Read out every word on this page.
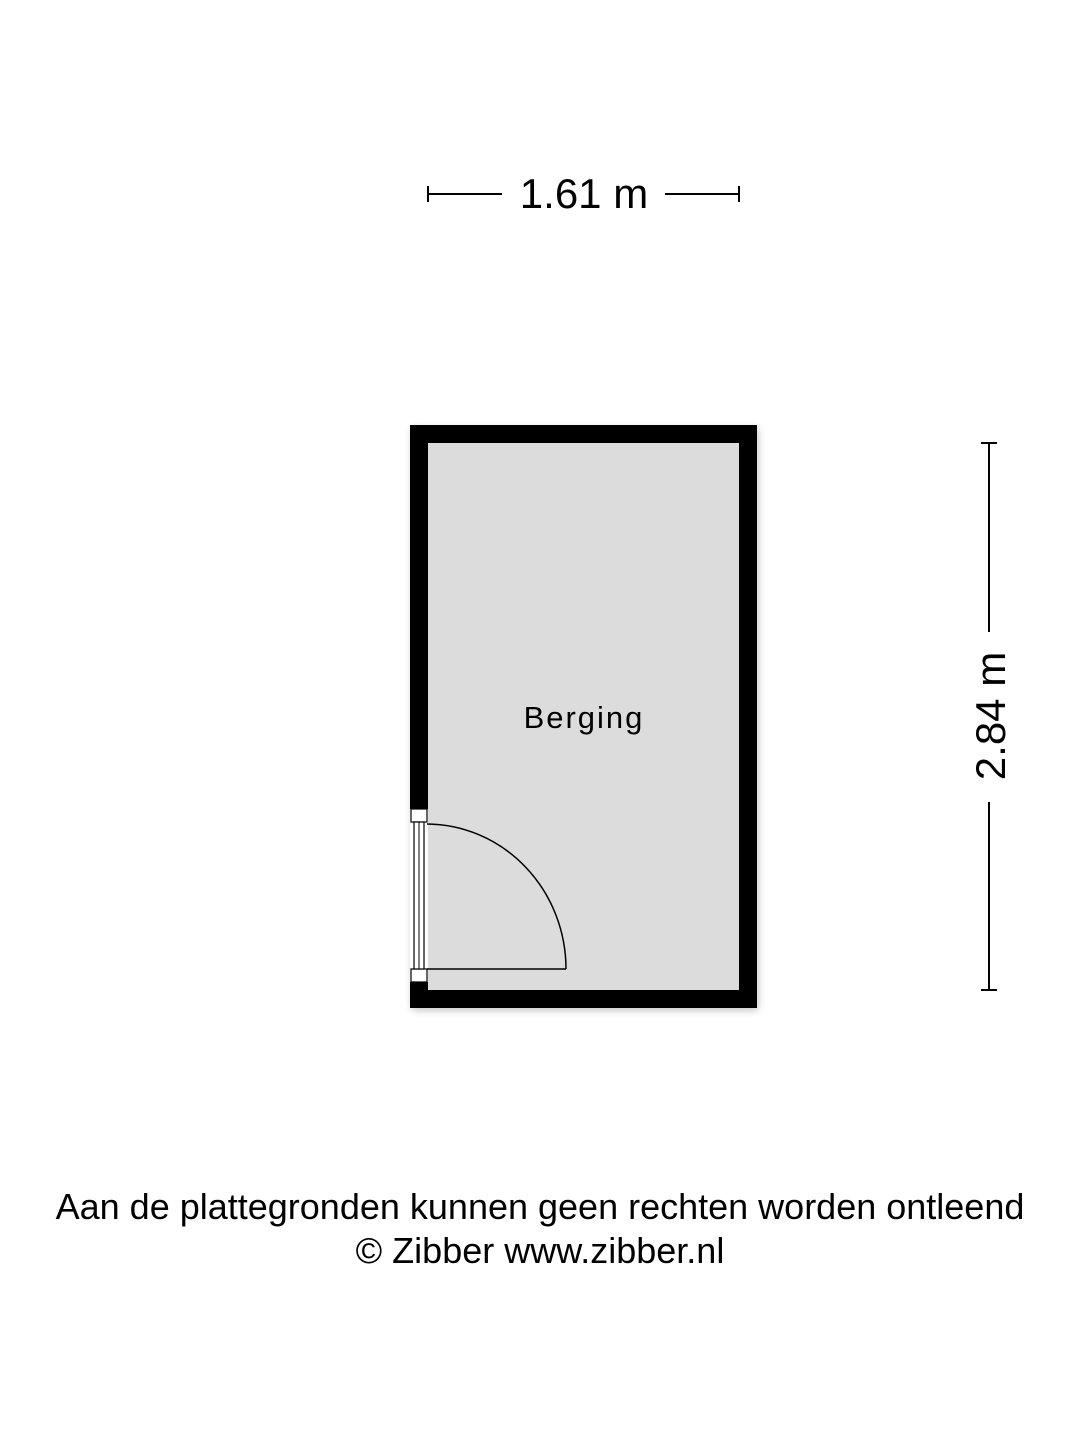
1.61 m
2.84 m
Berging
Aan de plattegronden kunnen geen rechten worden ontleend
© Zibber www.zibber.nl
